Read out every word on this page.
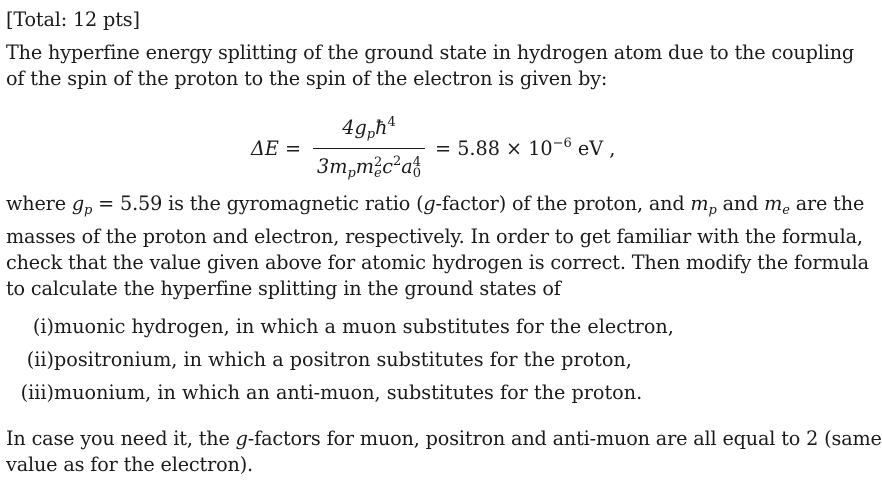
[Total: 12 pts]
The hyperfine energy splitting of the ground state in hydrogen atom due to the coupling
of the spin of the proton to the spin of the electron is given by:
$\Delta E = 4g_pħ^4$
$3m_pm$ 2
e $c^2a$ 4
$0 = 5.88 \times 10^{-6}$ eV ,
where $g_p = 5.59$ is the gyromagnetic ratio (g-factor) of the proton, and $m_p$ and $m_e$ are the
masses of the proton and electron, respectively. In order to get familiar with the formula,
check that the value given above for atomic hydrogen is correct. Then modify the formula
to calculate the hyperfine splitting in the ground states of
(i) muonic hydrogen, in which a muon substitutes for the electron,
(ii) positronium, in which a positron substitutes for the proton,
(iii) muonium, in which an anti-muon, substitutes for the proton.
In case you need it, the g-factors for muon, positron and anti-muon are all equal to 2 (same
value as for the electron).
